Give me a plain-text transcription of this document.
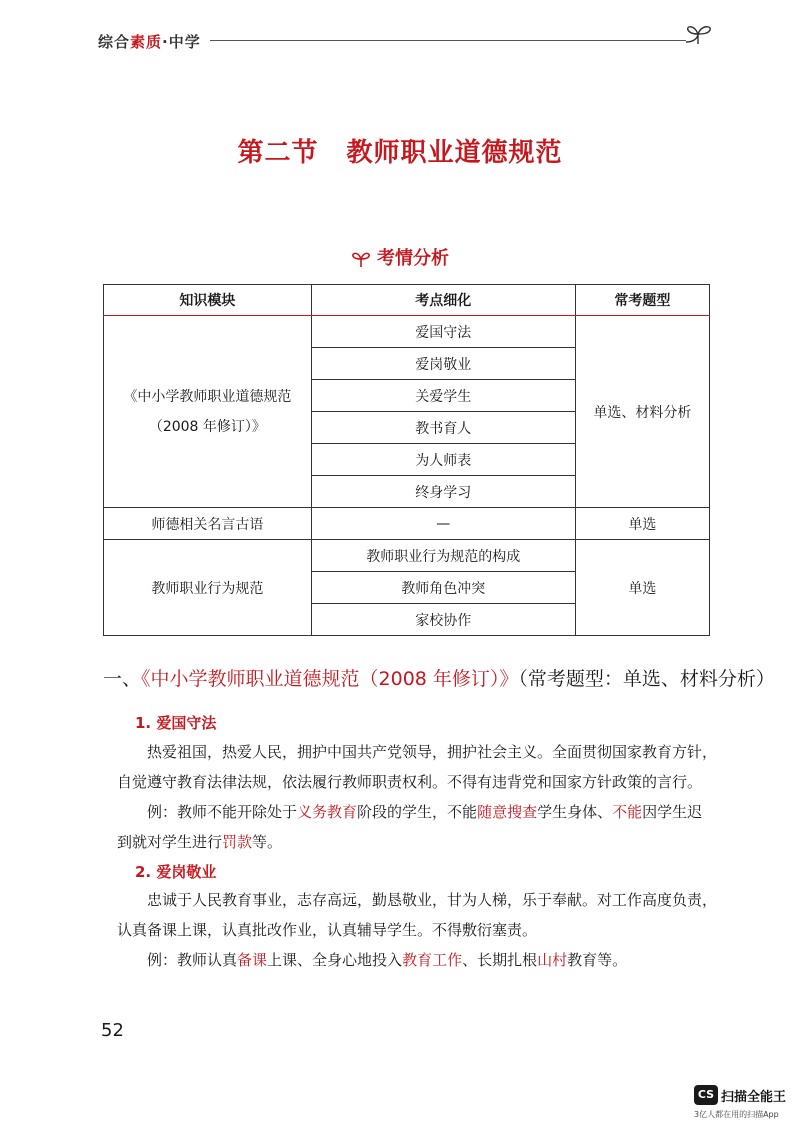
综合素质·中学
第二节 教师职业道德规范
考情分析
知识模块	考点细化	常考题型

《中小学教师职业道德规范
（2008 年修订）》	爱国守法	单选、材料分析
	爱岗敬业	
	关爱学生	
	教书育人	
	为人师表	
	终身学习	
师德相关名言古语	—	单选
教师职业行为规范	教师职业行为规范的构成	单选
	教师角色冲突	
	家校协作	
一、《中小学教师职业道德规范（2008 年修订）》（常考题型：单选、材料分析）
1. 爱国守法
热爱祖国，热爱人民，拥护中国共产党领导，拥护社会主义。全面贯彻国家教育方针，自觉遵守教育法律法规，依法履行教师职责权利。不得有违背党和国家方针政策的言行。
例：教师不能开除处于义务教育阶段的学生，不能随意搜查学生身体、不能因学生迟到就对学生进行罚款等。
2. 爱岗敬业
忠诚于人民教育事业，志存高远，勤恳敬业，甘为人梯，乐于奉献。对工作高度负责，认真备课上课，认真批改作业，认真辅导学生。不得敷衍塞责。
例：教师认真备课上课、全身心地投入教育工作、长期扎根山村教育等。
52
CS 扫描全能王
3亿人都在用的扫描App
